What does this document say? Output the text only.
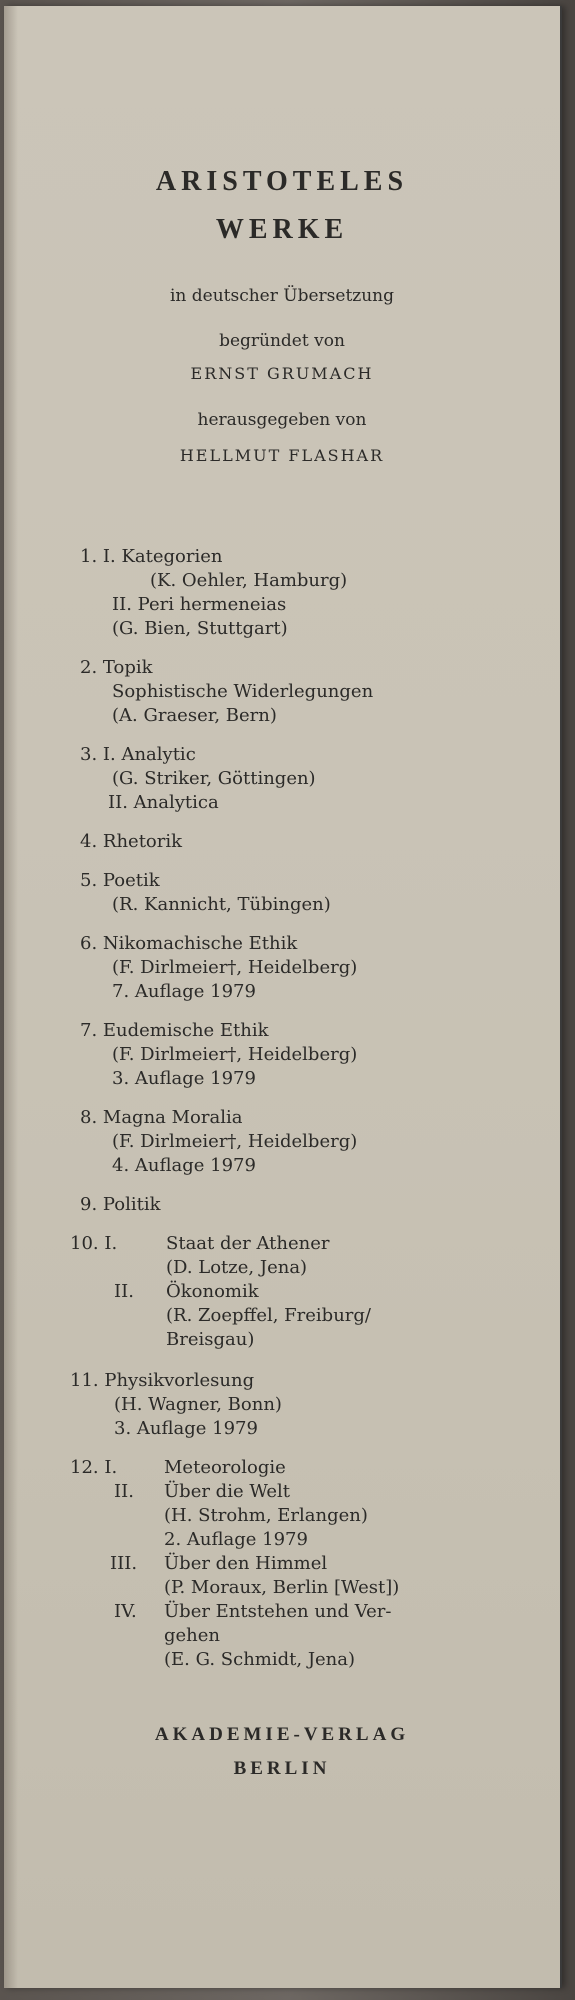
ARISTOTELES
WERKE
in deutscher Übersetzung
begründet von
ERNST GRUMACH
herausgegeben von
HELLMUT FLASHAR
1. I. Kategorien
(K. Oehler, Hamburg)
II. Peri hermeneias
(G. Bien, Stuttgart)
2. Topik
Sophistische Widerlegungen
(A. Graeser, Bern)
3. I. Analytic
(G. Striker, Göttingen)
II. Analytica
4. Rhetorik
5. Poetik
(R. Kannicht, Tübingen)
6. Nikomachische Ethik
(F. Dirlmeier†, Heidelberg)
7. Auflage 1979
7. Eudemische Ethik
(F. Dirlmeier†, Heidelberg)
3. Auflage 1979
8. Magna Moralia
(F. Dirlmeier†, Heidelberg)
4. Auflage 1979
9. Politik
10. I.	Staat der Athener
(D. Lotze, Jena)
II. Ökonomik
(R. Zoepffel, Freiburg/
Breisgau)
11. Physikvorlesung
(H. Wagner, Bonn)
3. Auflage 1979
12. I.	Meteorologie
II. Über die Welt
(H. Strohm, Erlangen)
2. Auflage 1979
III. Über den Himmel
(P. Moraux, Berlin [West])
IV. Über Entstehen und Ver-
gehen
(E. G. Schmidt, Jena)
AKADEMIE-VERLAG
BERLIN
